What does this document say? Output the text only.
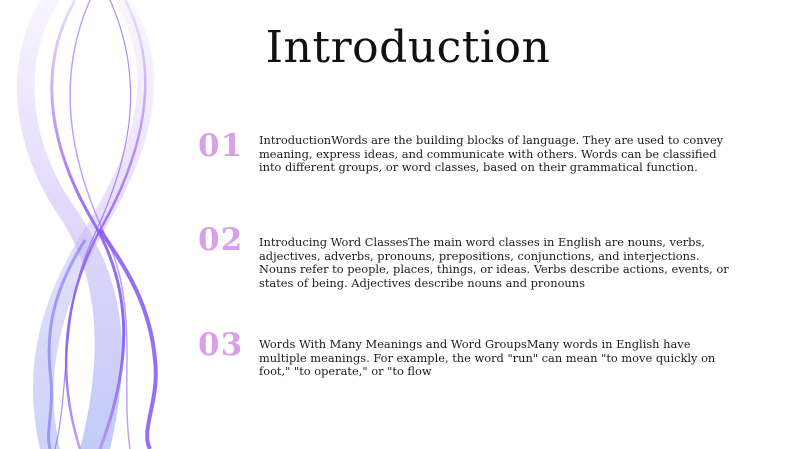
Introduction
01	IntroductionWords are the building blocks of language. They are used to convey meaning, express ideas, and communicate with others. Words can be classified into different groups, or word classes, based on their grammatical function.
02	Introducing Word ClassesThe main word classes in English are nouns, verbs, adjectives, adverbs, pronouns, prepositions, conjunctions, and interjections. Nouns refer to people, places, things, or ideas. Verbs describe actions, events, or states of being. Adjectives describe nouns and pronouns
03	Words With Many Meanings and Word GroupsMany words in English have multiple meanings. For example, the word "run" can mean "to move quickly on foot," "to operate," or "to flow
